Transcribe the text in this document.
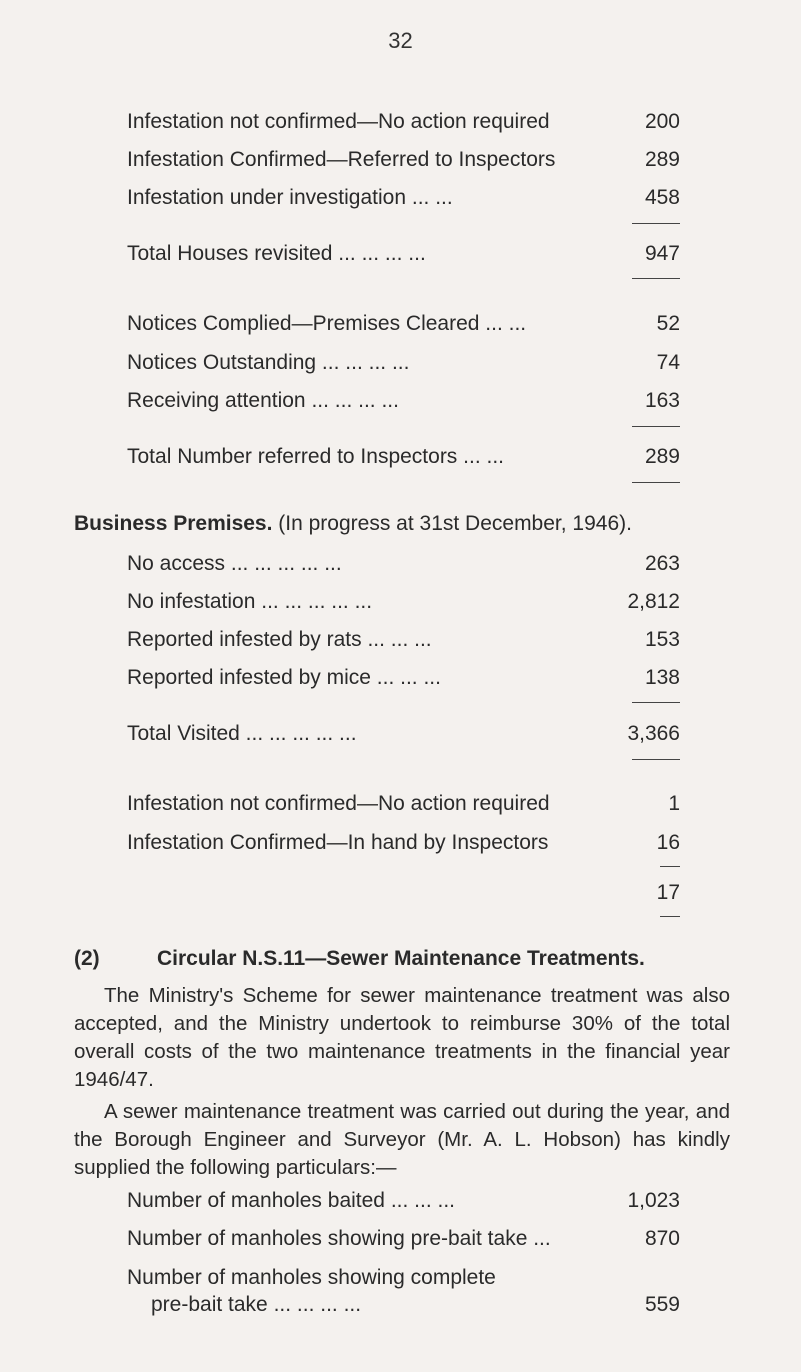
32
Infestation not confirmed—No action required	200
Infestation Confirmed—Referred to Inspectors	289
Infestation under investigation ... ...	458
Total Houses revisited ... ... ... ...	947
Notices Complied—Premises Cleared ... ...	52
Notices Outstanding ... ... ... ...	74
Receiving attention ... ... ... ...	163
Total Number referred to Inspectors ... ...	289
Business Premises. (In progress at 31st December, 1946).
No access ... ... ... ... ...	263
No infestation ... ... ... ... ...	2,812
Reported infested by rats ... ... ...	153
Reported infested by mice ... ... ...	138
Total Visited ... ... ... ... ...	3,366
Infestation not confirmed—No action required	1
Infestation Confirmed—In hand by Inspectors	16
17
(2)	Circular N.S.11—Sewer Maintenance Treatments.
The Ministry's Scheme for sewer maintenance treatment was also accepted, and the Ministry undertook to reimburse 30% of the total overall costs of the two maintenance treatments in the financial year 1946/47.
A sewer maintenance treatment was carried out during the year, and the Borough Engineer and Surveyor (Mr. A. L. Hobson) has kindly supplied the following particulars:—
Number of manholes baited ... ... ...	1,023
Number of manholes showing pre-bait take ...	870
Number of manholes showing complete
pre-bait take ... ... ... ...	559
